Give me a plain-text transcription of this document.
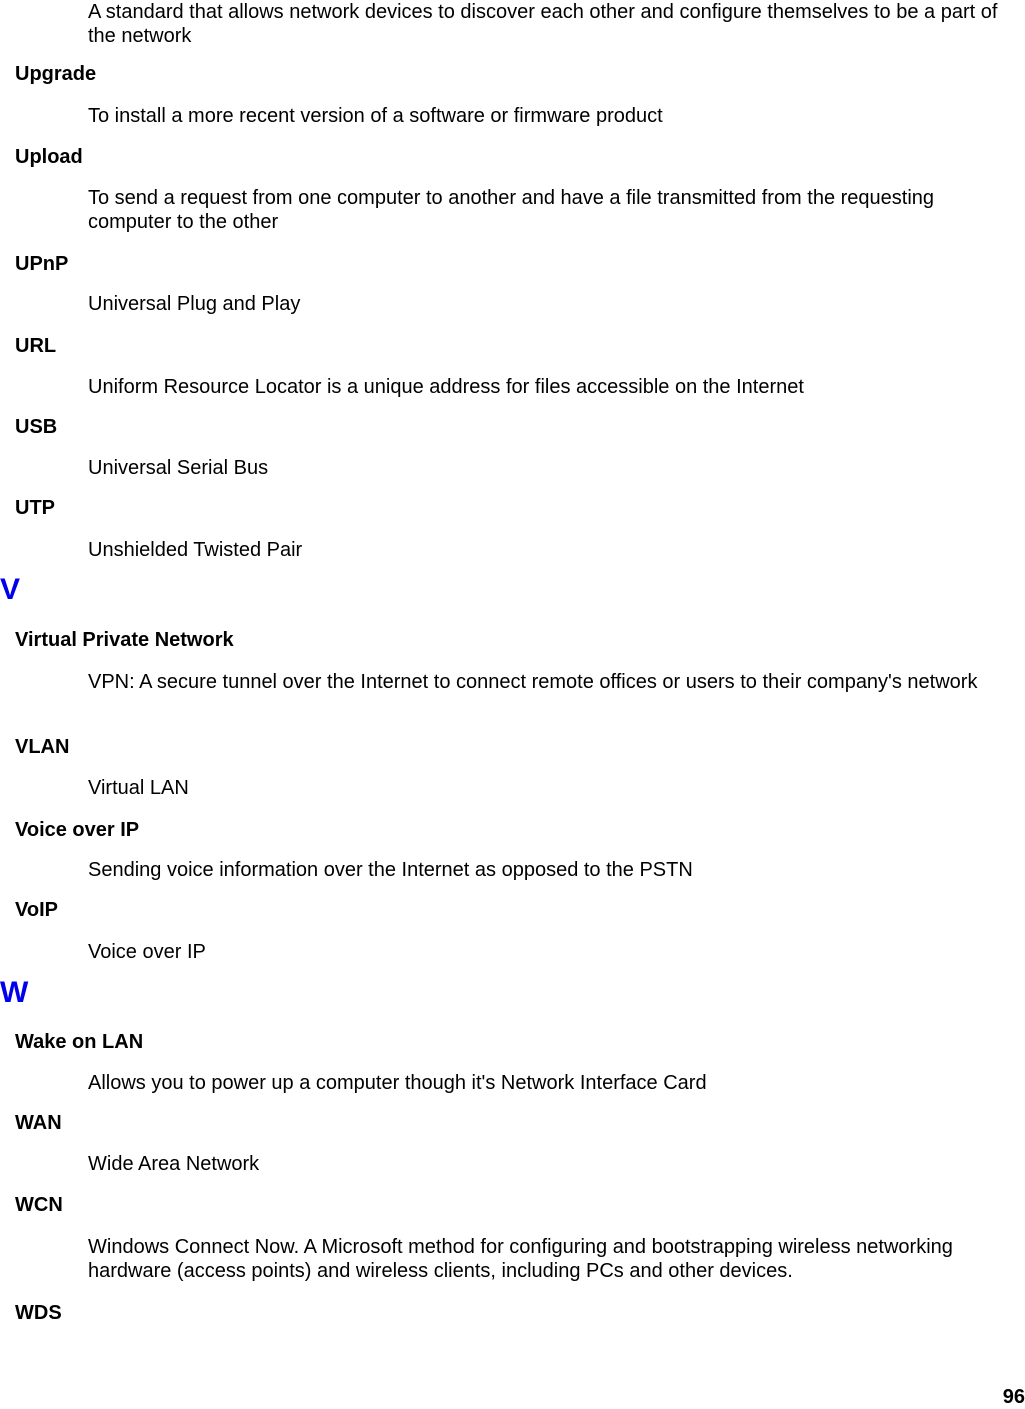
A standard that allows network devices to discover each other and configure themselves to be a part of the network

Upgrade

To install a more recent version of a software or firmware product

Upload

To send a request from one computer to another and have a file transmitted from the requesting computer to the other

UPnP

Universal Plug and Play

URL

Uniform Resource Locator is a unique address for files accessible on the Internet

USB

Universal Serial Bus

UTP

Unshielded Twisted Pair

V

Virtual Private Network

VPN: A secure tunnel over the Internet to connect remote offices or users to their company's network

VLAN

Virtual LAN

Voice over IP

Sending voice information over the Internet as opposed to the PSTN

VoIP

Voice over IP

W

Wake on LAN

Allows you to power up a computer though it's Network Interface Card

WAN

Wide Area Network

WCN

Windows Connect Now. A Microsoft method for configuring and bootstrapping wireless networking hardware (access points) and wireless clients, including PCs and other devices.

WDS

96
